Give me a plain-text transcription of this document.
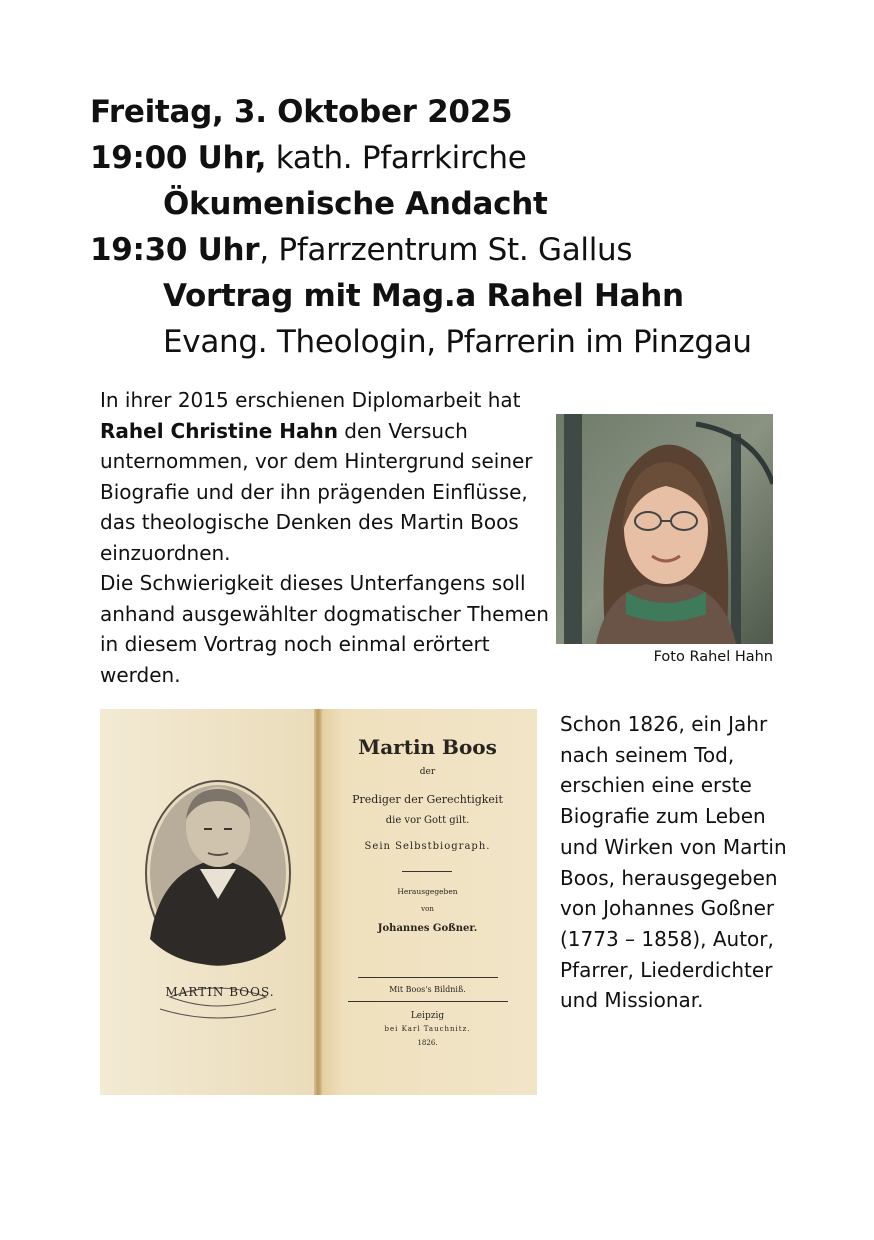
Freitag, 3. Oktober 2025
19:00 Uhr, kath. Pfarrkirche
Ökumenische Andacht
19:30 Uhr, Pfarrzentrum St. Gallus
Vortrag mit Mag.a Rahel Hahn
Evang. Theologin, Pfarrerin im Pinzgau

In ihrer 2015 erschienen Diplomarbeit hat Rahel Christine Hahn den Versuch unternommen, vor dem Hintergrund seiner Biografie und der ihn prägenden Einflüsse, das theologische Denken des Martin Boos einzuordnen.

Die Schwierigkeit dieses Unterfangens soll anhand ausgewählter dogmatischer Themen in diesem Vortrag noch einmal erörtert werden.

Foto Rahel Hahn
MARTIN BOOS.
Martin Boos
der
Prediger der Gerechtigkeit
die vor Gott gilt.
Sein Selbstbiograph.
Herausgegeben
von
Johannes Goßner.
Mit Boos's Bildniß.
Leipzig
bei Karl Tauchnitz.
1826.

Schon 1826, ein Jahr nach seinem Tod, erschien eine erste Biografie zum Leben und Wirken von Martin Boos, herausgegeben von Johannes Goßner (1773 – 1858), Autor, Pfarrer, Liederdichter und Missionar.
